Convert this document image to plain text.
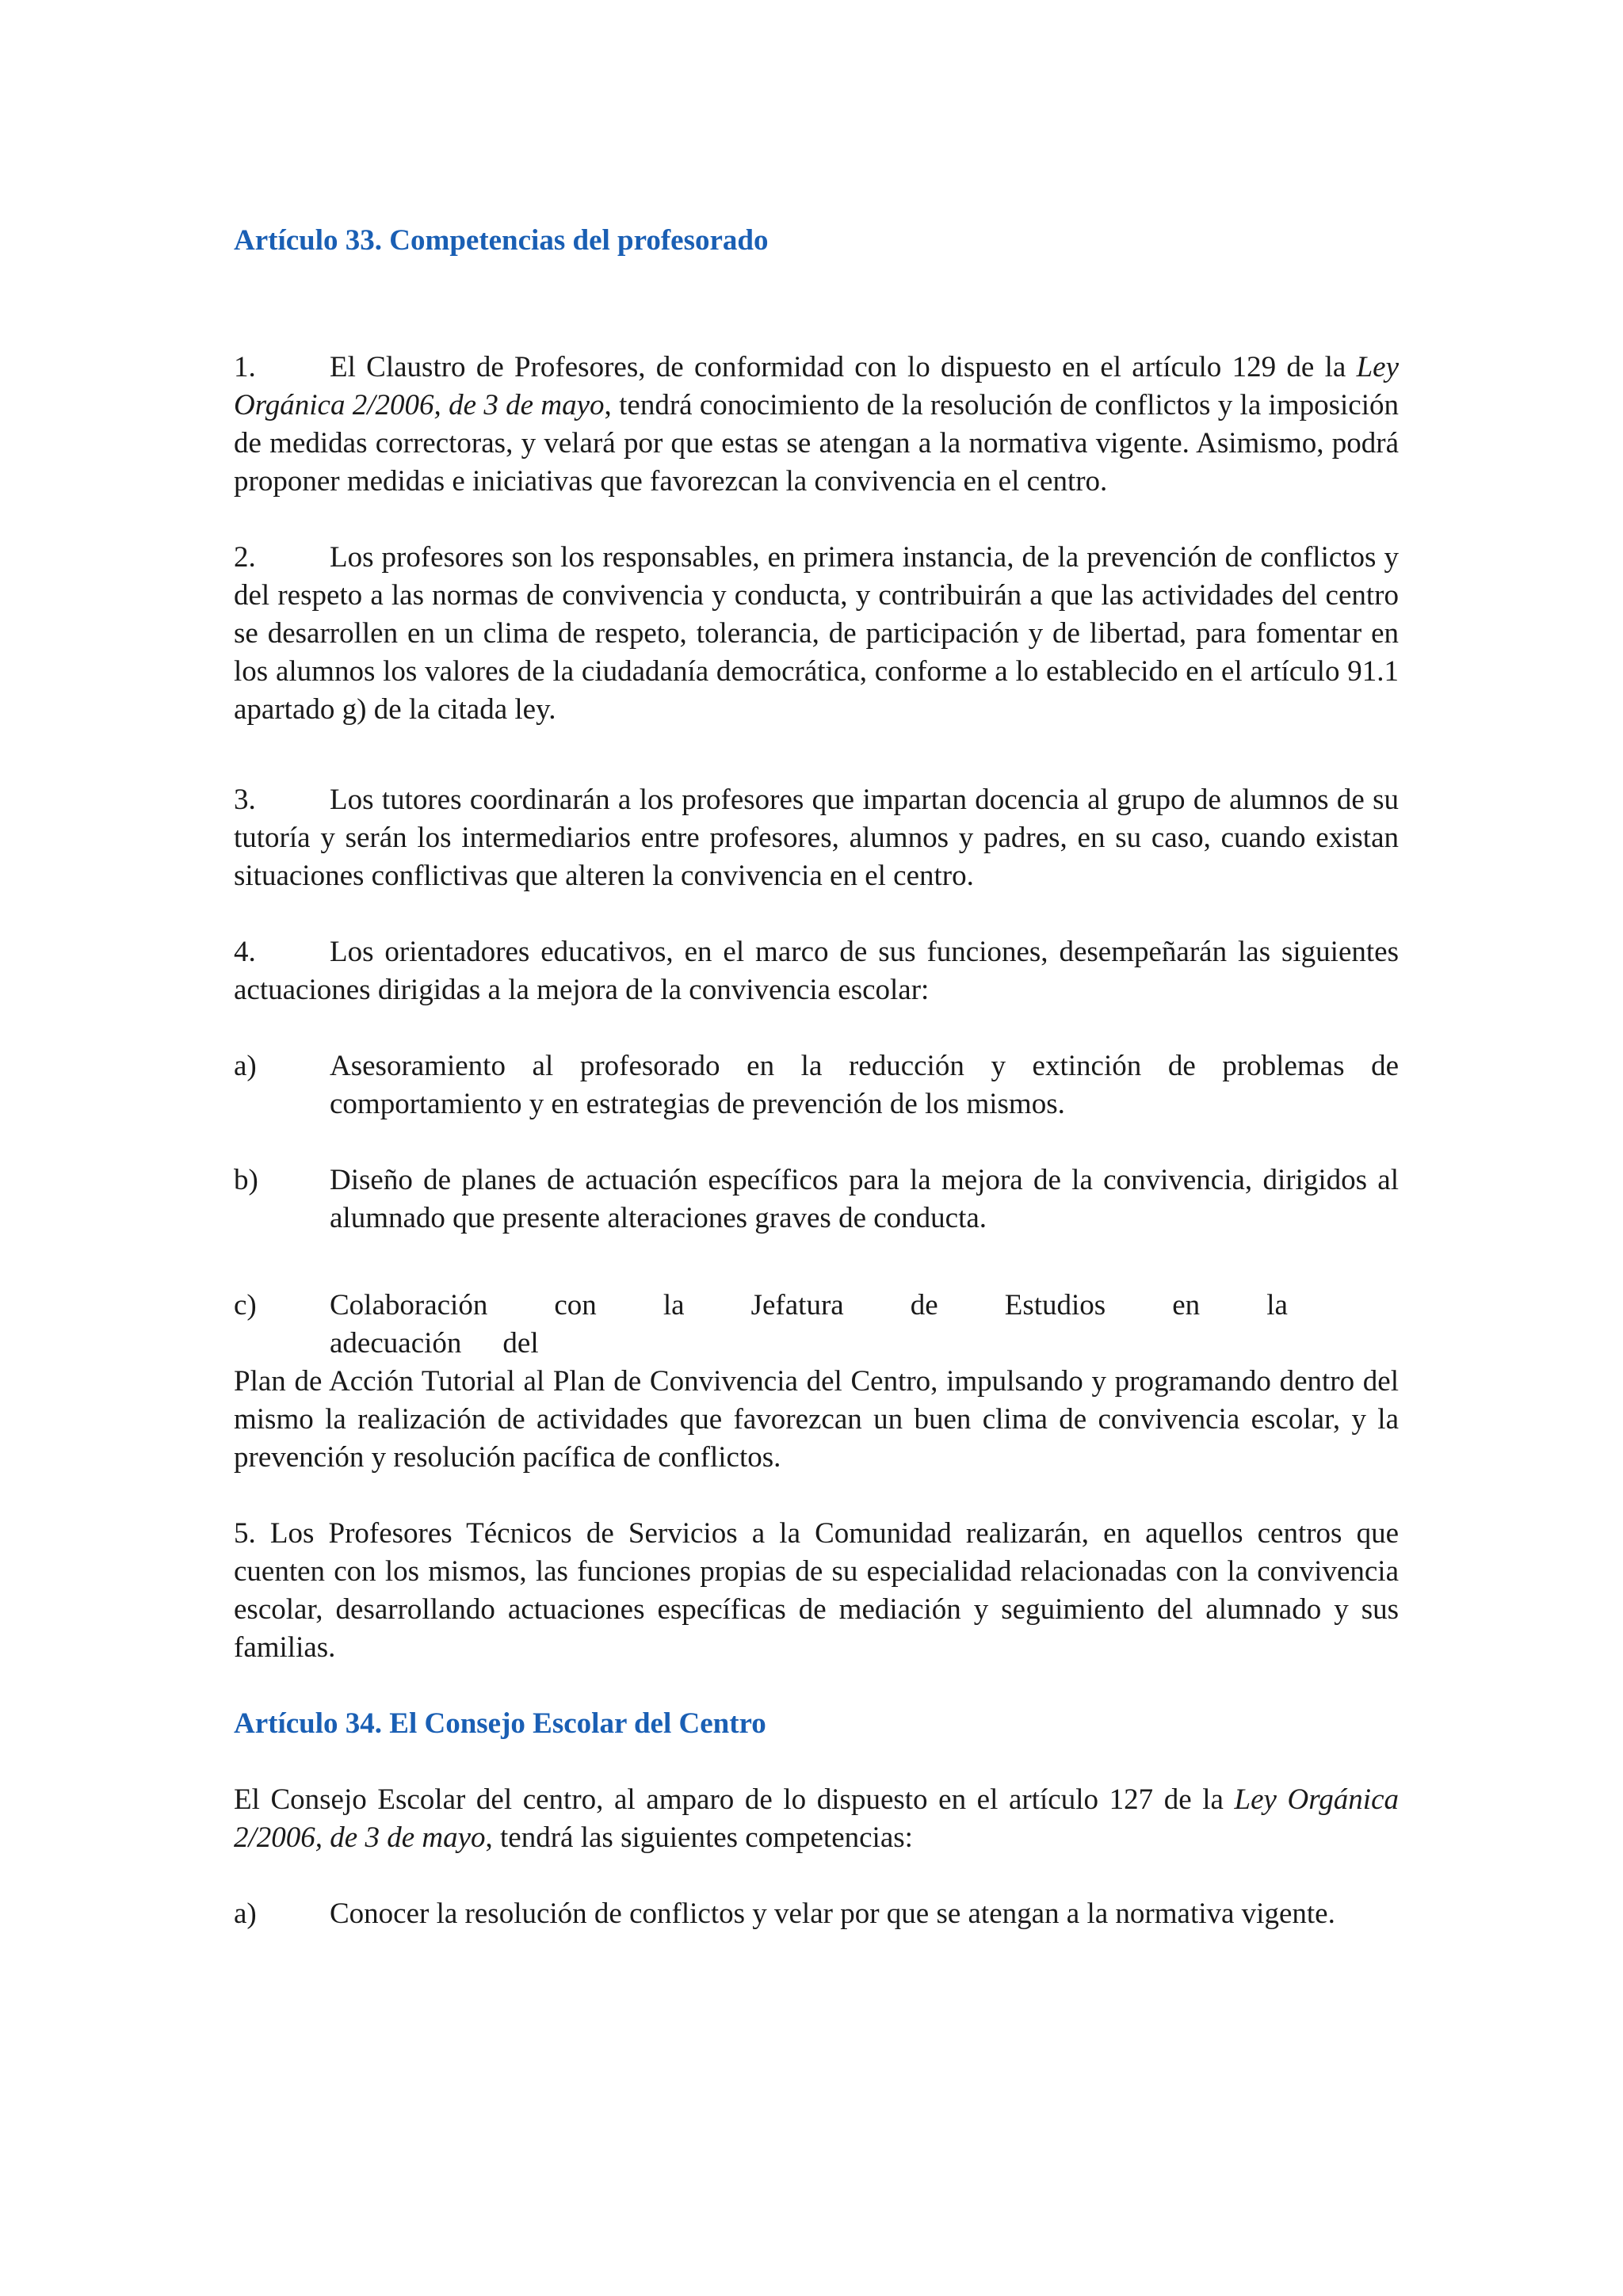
Artículo 33. Competencias del profesorado

1.	El Claustro de Profesores, de conformidad con lo dispuesto en el artículo 129 de la Ley Orgánica 2/2006, de 3 de mayo, tendrá conocimiento de la resolución de conflictos y la imposición de medidas correctoras, y velará por que estas se atengan a la normativa vigente. Asimismo, podrá proponer medidas e iniciativas que favorezcan la convivencia en el centro.

2.	Los profesores son los responsables, en primera instancia, de la prevención de conflictos y del respeto a las normas de convivencia y conducta, y contribuirán a que las actividades del centro se desarrollen en un clima de respeto, tolerancia, de participación y de libertad, para fomentar en los alumnos los valores de la ciudadanía democrática, conforme a lo establecido en el artículo 91.1 apartado g) de la citada ley.

3.	Los tutores coordinarán a los profesores que impartan docencia al grupo de alumnos de su tutoría y serán los intermediarios entre profesores, alumnos y padres, en su caso, cuando existan situaciones conflictivas que alteren la convivencia en el centro.

4.	Los orientadores educativos, en el marco de sus funciones, desempeñarán las siguientes actuaciones dirigidas a la mejora de la convivencia escolar:

a)	Asesoramiento al profesorado en la reducción y extinción de problemas de comportamiento y en estrategias de prevención de los mismos.

b)	Diseño de planes de actuación específicos para la mejora de la convivencia, dirigidos al alumnado que presente alteraciones graves de conducta.

c)	Colaboración con la Jefatura de Estudios en la
adecuación del

Plan de Acción Tutorial al Plan de Convivencia del Centro, impulsando y programando dentro del mismo la realización de actividades que favorezcan un buen clima de convivencia escolar, y la prevención y resolución pacífica de conflictos.

5. Los Profesores Técnicos de Servicios a la Comunidad realizarán, en aquellos centros que cuenten con los mismos, las funciones propias de su especialidad relacionadas con la convivencia escolar, desarrollando actuaciones específicas de mediación y seguimiento del alumnado y sus familias.

Artículo 34. El Consejo Escolar del Centro

El Consejo Escolar del centro, al amparo de lo dispuesto en el artículo 127 de la Ley Orgánica 2/2006, de 3 de mayo, tendrá las siguientes competencias:

a) Conocer la resolución de conflictos y velar por que se atengan a la normativa vigente.
